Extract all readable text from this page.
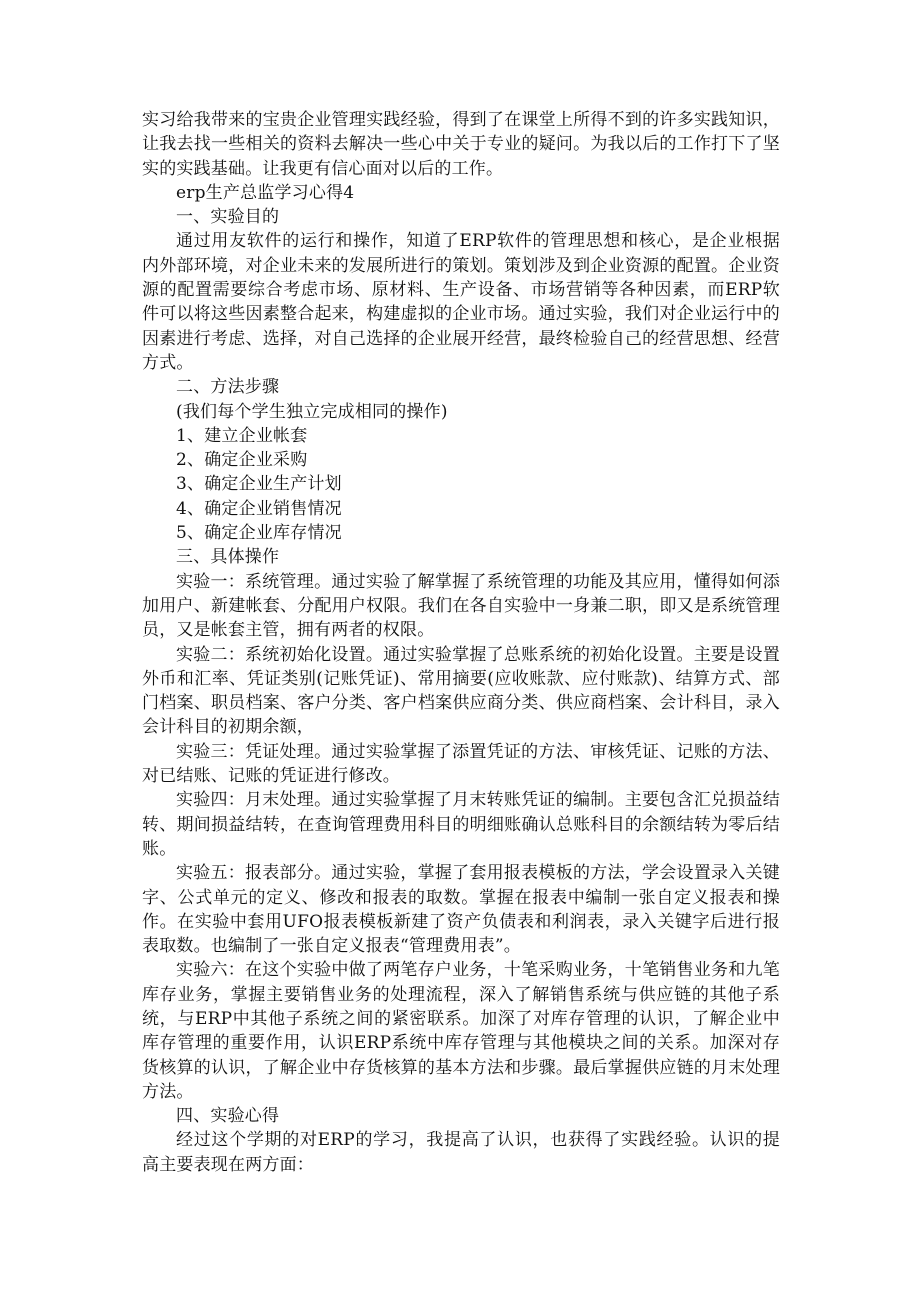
实习给我带来的宝贵企业管理实践经验，得到了在课堂上所得不到的许多实践知识，让我去找一些相关的资料去解决一些心中关于专业的疑问。为我以后的工作打下了坚实的实践基础。让我更有信心面对以后的工作。

erp生产总监学习心得4

一、实验目的

通过用友软件的运行和操作，知道了ERP软件的管理思想和核心，是企业根据内外部环境，对企业未来的发展所进行的策划。策划涉及到企业资源的配置。企业资源的配置需要综合考虑市场、原材料、生产设备、市场营销等各种因素，而ERP软件可以将这些因素整合起来，构建虚拟的企业市场。通过实验，我们对企业运行中的因素进行考虑、选择，对自己选择的企业展开经营，最终检验自己的经营思想、经营方式。

二、方法步骤

(我们每个学生独立完成相同的操作)

1、建立企业帐套

2、确定企业采购

3、确定企业生产计划

4、确定企业销售情况

5、确定企业库存情况

三、具体操作

实验一：系统管理。通过实验了解掌握了系统管理的功能及其应用，懂得如何添加用户、新建帐套、分配用户权限。我们在各自实验中一身兼二职，即又是系统管理员，又是帐套主管，拥有两者的权限。

实验二：系统初始化设置。通过实验掌握了总账系统的初始化设置。主要是设置外币和汇率、凭证类别(记账凭证)、常用摘要(应收账款、应付账款)、结算方式、部门档案、职员档案、客户分类、客户档案供应商分类、供应商档案、会计科目，录入会计科目的初期余额，

实验三：凭证处理。通过实验掌握了添置凭证的方法、审核凭证、记账的方法、对已结账、记账的凭证进行修改。

实验四：月末处理。通过实验掌握了月末转账凭证的编制。主要包含汇兑损益结转、期间损益结转，在查询管理费用科目的明细账确认总账科目的余额结转为零后结账。

实验五：报表部分。通过实验，掌握了套用报表模板的方法，学会设置录入关键字、公式单元的定义、修改和报表的取数。掌握在报表中编制一张自定义报表和操作。在实验中套用UFO报表模板新建了资产负债表和利润表，录入关键字后进行报表取数。也编制了一张自定义报表“管理费用表”。

实验六：在这个实验中做了两笔存户业务，十笔采购业务，十笔销售业务和九笔库存业务，掌握主要销售业务的处理流程，深入了解销售系统与供应链的其他子系统，与ERP中其他子系统之间的紧密联系。加深了对库存管理的认识，了解企业中库存管理的重要作用，认识ERP系统中库存管理与其他模块之间的关系。加深对存货核算的认识，了解企业中存货核算的基本方法和步骤。最后掌握供应链的月末处理方法。

四、实验心得

经过这个学期的对ERP的学习，我提高了认识，也获得了实践经验。认识的提高主要表现在两方面：
